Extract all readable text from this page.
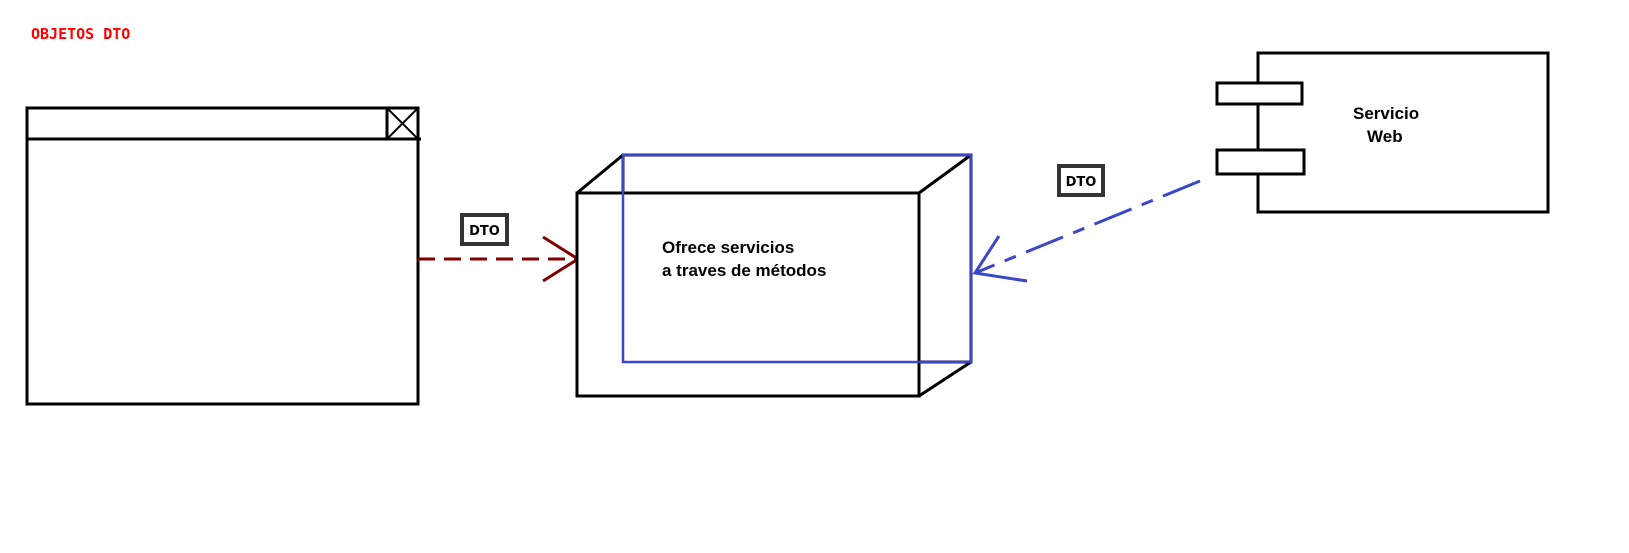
OBJETOS DTO
DTO
Ofrece servicios
a traves de métodos
DTO
Servicio
Web
